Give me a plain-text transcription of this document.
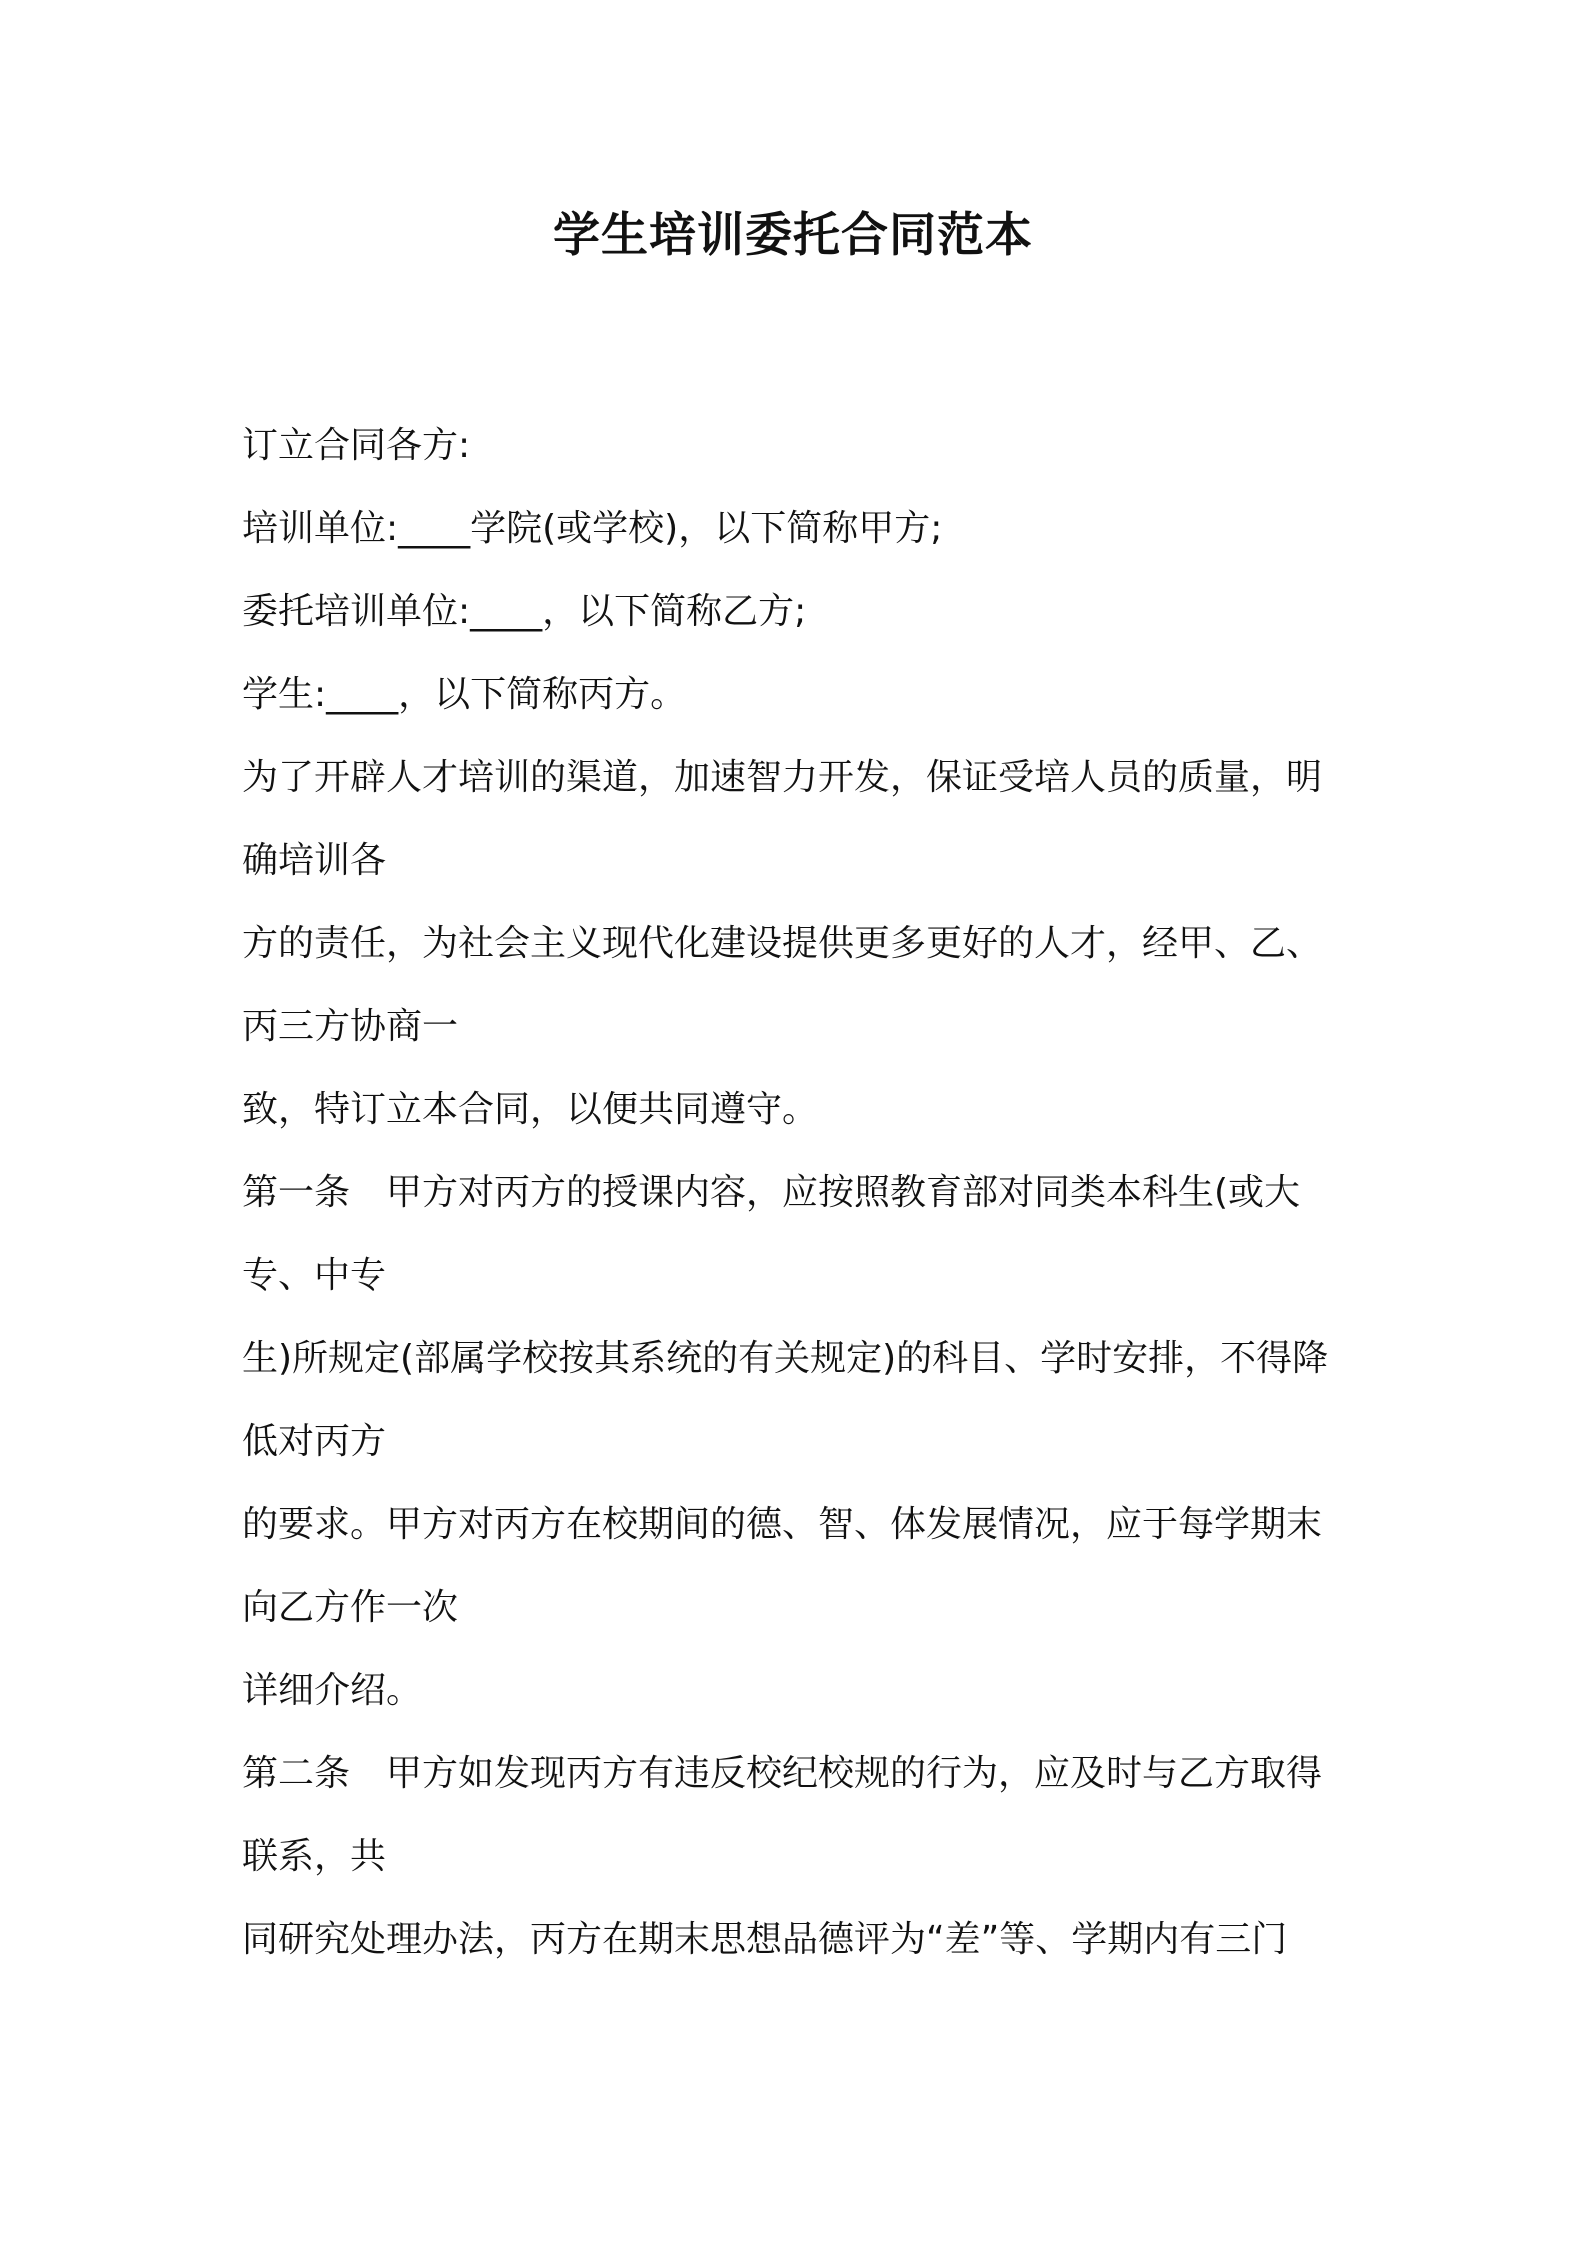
学生培训委托合同范本
订立合同各方:
培训单位:____学院(或学校)，以下简称甲方;
委托培训单位:____，以下简称乙方;
学生:____，以下简称丙方。
为了开辟人才培训的渠道，加速智力开发，保证受培人员的质量，明
确培训各
方的责任，为社会主义现代化建设提供更多更好的人才，经甲、乙、
丙三方协商一
致，特订立本合同，以便共同遵守。
第一条　甲方对丙方的授课内容，应按照教育部对同类本科生(或大
专、中专
生)所规定(部属学校按其系统的有关规定)的科目、学时安排，不得降
低对丙方
的要求。甲方对丙方在校期间的德、智、体发展情况，应于每学期末
向乙方作一次
详细介绍。
第二条　甲方如发现丙方有违反校纪校规的行为，应及时与乙方取得
联系，共
同研究处理办法，丙方在期末思想品德评为“差”等、学期内有三门
